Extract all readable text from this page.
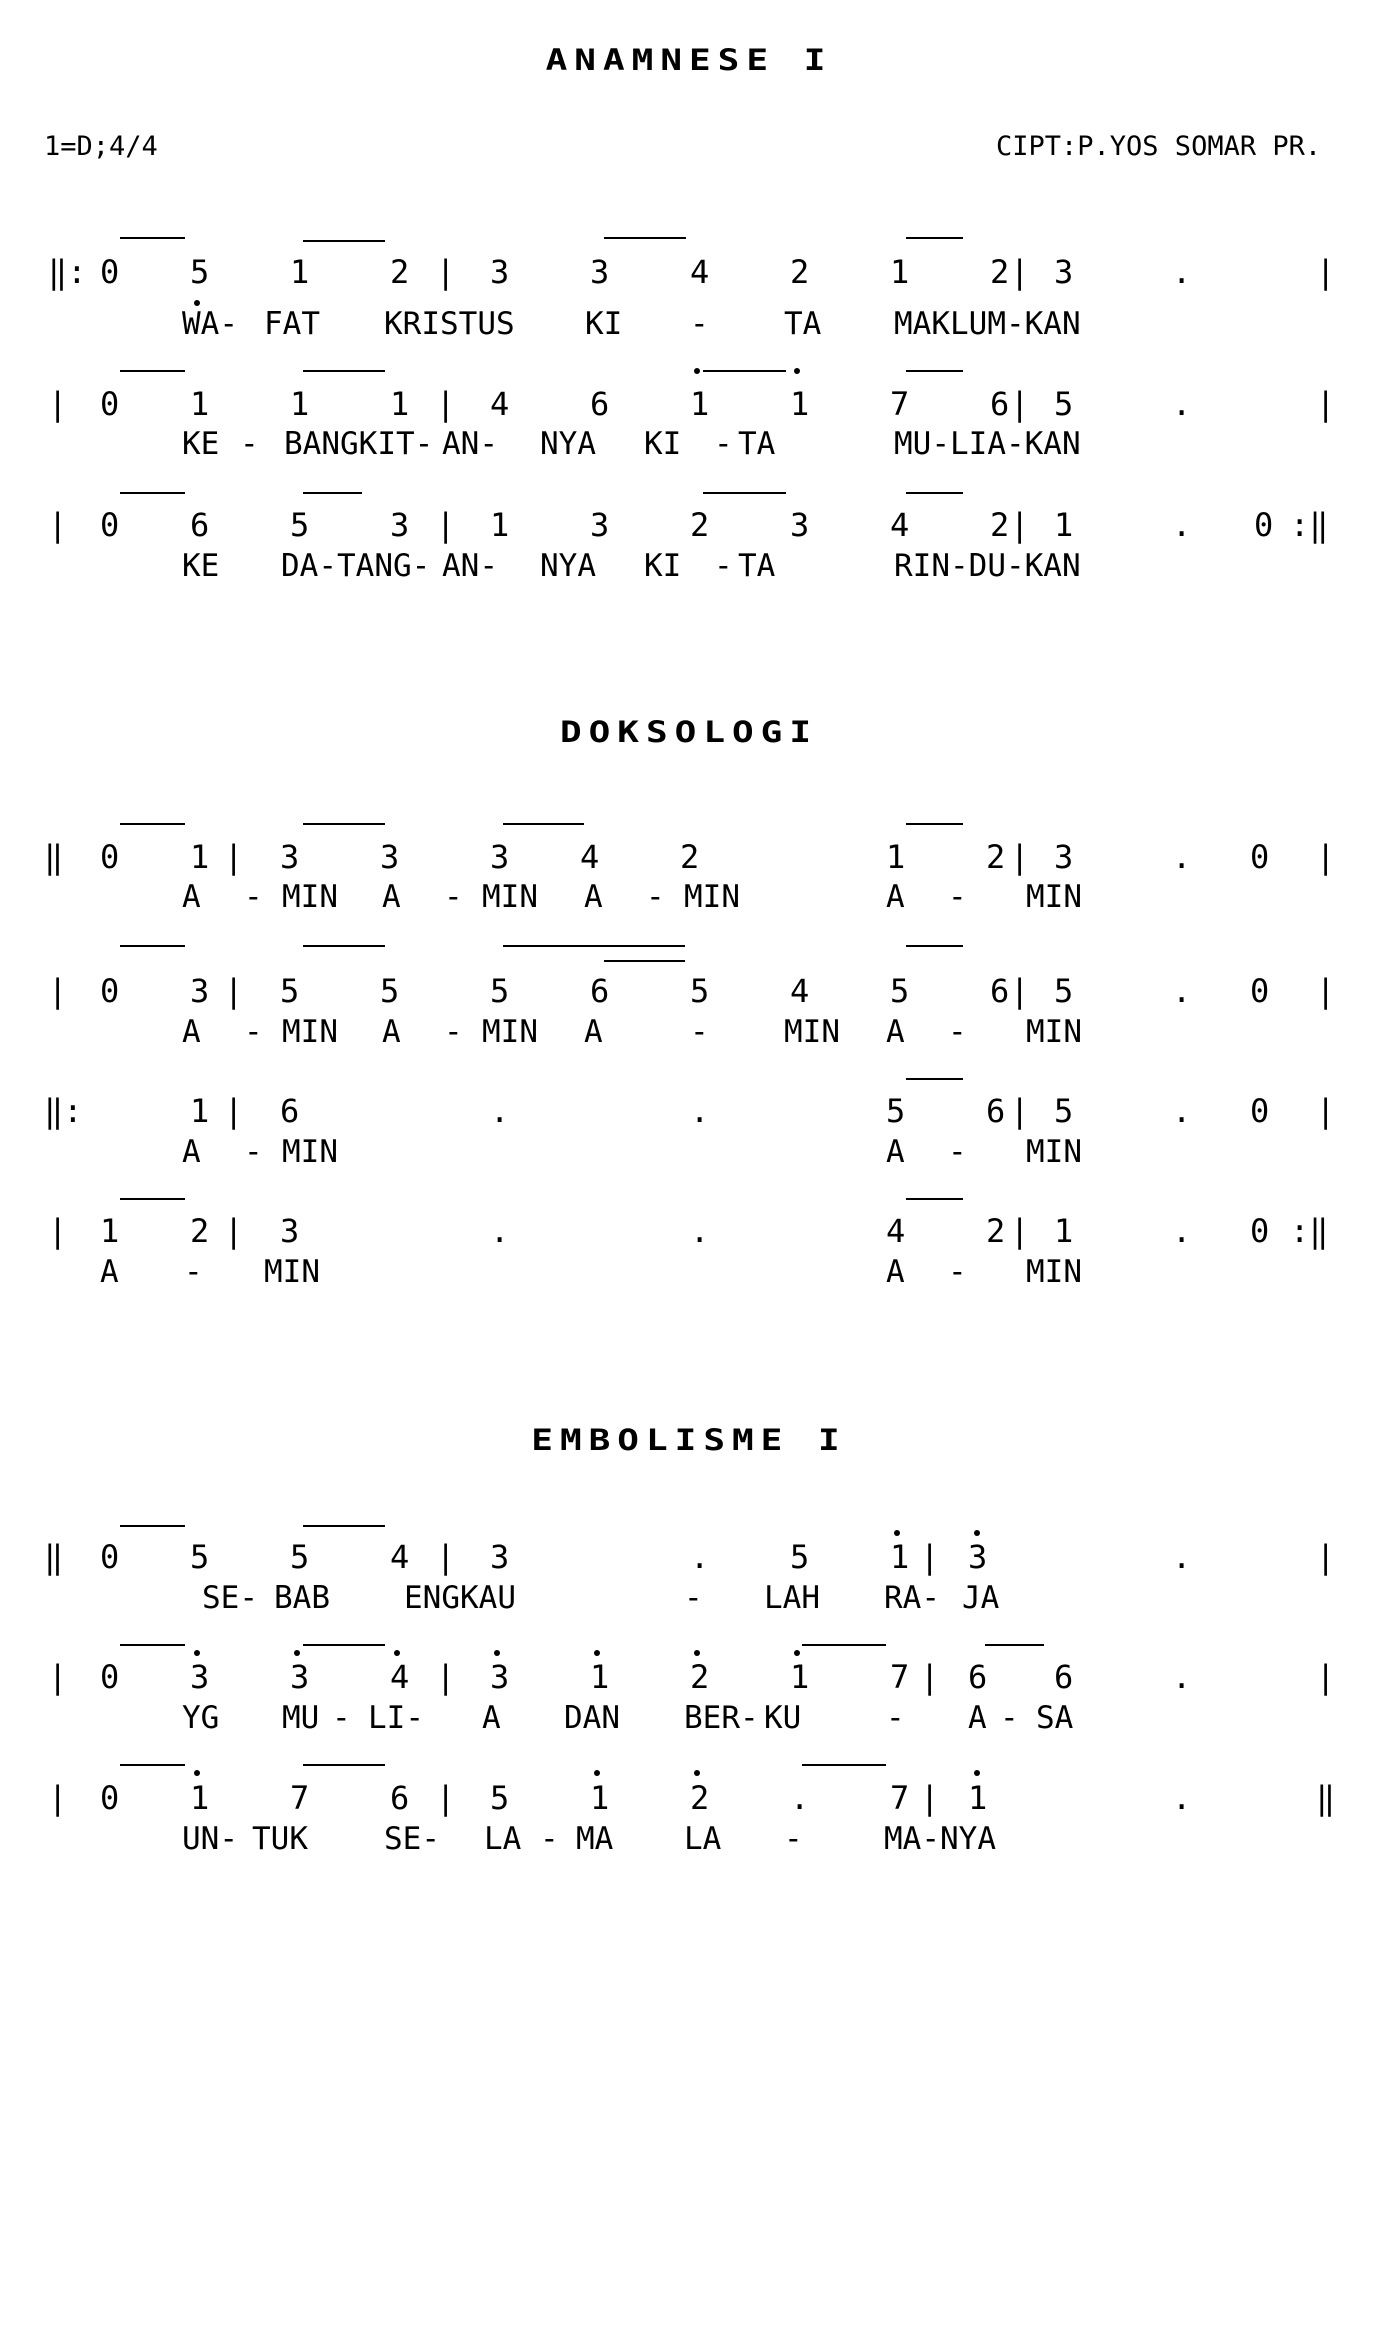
ANAMNESE I
1=D;4/4	CIPT:P.YOS SOMAR PR.
DOKSOLOGI
EMBOLISME I
‖: 0 5	1	2 | 3	3	4	2	1	2 | 3	.	|
WA- FAT KRISTUS KI - TA MAKLUM-KAN
| 0 1	1	1 | 4	6	1	1	7	6 | 5	.	|
KE - BANGKIT- AN- NYA KI - TA	MU-LIA-KAN
| 0 6	5	3 | 1	3	2	3	4	2 | 1	. 0 :‖
KE DA-TANG- AN- NYA KI - TA	RIN-DU-KAN
‖ 0 1 | 3	3	3 4	2	1	2 | 3	. 0 |
A - MIN A - MIN A - MIN	A - MIN
| 0 3 | 5	5	5	6	5	4	5	6 | 5	. 0 |
A - MIN A - MIN A	- MIN A - MIN
‖:	1 | 6	.	.	5	6 | 5	. 0 |
A - MIN	A - MIN
| 1 2 | 3	.	.	4	2 | 1	. 0 :‖
A - MIN	A - MIN
‖ 0 5	5	4 | 3	.	5	1 | 3	.	|
SE- BAB ENGKAU	- LAH RA- JA
| 0 3	3	4 | 3	1	2	1	7 | 6 6	.	|
YG MU - LI- A DAN BER- KU	- A - SA
| 0 1	7	6 | 5	1	2	.	7 | 1	.	‖
UN- TUK SE- LA - MA LA -	MA-NYA
